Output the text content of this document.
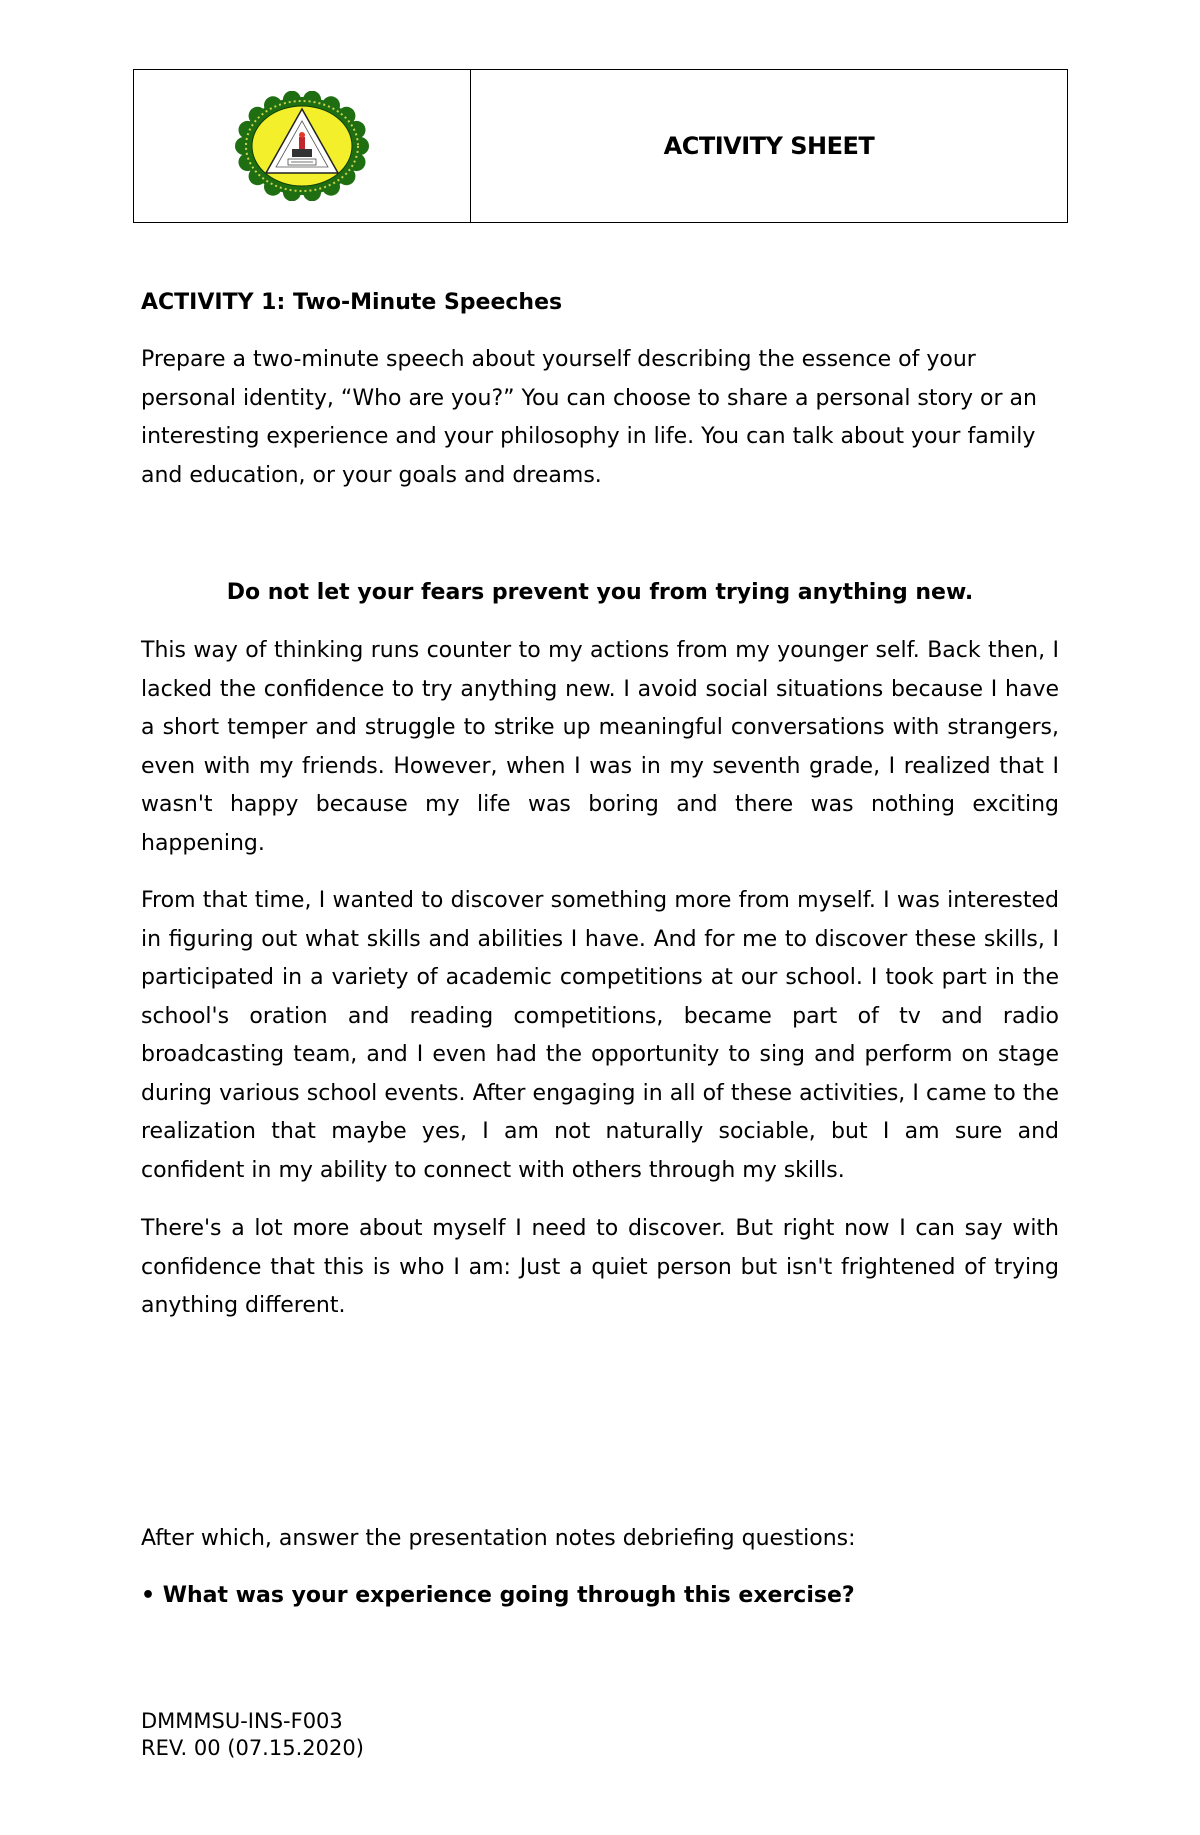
ACTIVITY SHEET
ACTIVITY 1: Two-Minute Speeches
Prepare a two-minute speech about yourself describing the essence of your personal identity, “Who are you?” You can choose to share a personal story or an interesting experience and your philosophy in life. You can talk about your family and education, or your goals and dreams.
Do not let your fears prevent you from trying anything new.
This way of thinking runs counter to my actions from my younger self. Back then, I lacked the confidence to try anything new. I avoid social situations because I have a short temper and struggle to strike up meaningful conversations with strangers, even with my friends. However, when I was in my seventh grade, I realized that I wasn't happy because my life was boring and there was nothing exciting happening.
From that time, I wanted to discover something more from myself. I was interested in figuring out what skills and abilities I have. And for me to discover these skills, I participated in a variety of academic competitions at our school. I took part in the school's oration and reading competitions, became part of tv and radio broadcasting team, and I even had the opportunity to sing and perform on stage during various school events. After engaging in all of these activities, I came to the realization that maybe yes, I am not naturally sociable, but I am sure and confident in my ability to connect with others through my skills.
There's a lot more about myself I need to discover. But right now I can say with confidence that this is who I am: Just a quiet person but isn't frightened of trying anything different.
After which, answer the presentation notes debriefing questions:
• What was your experience going through this exercise?
DMMMSU-INS-F003
REV. 00 (07.15.2020)
